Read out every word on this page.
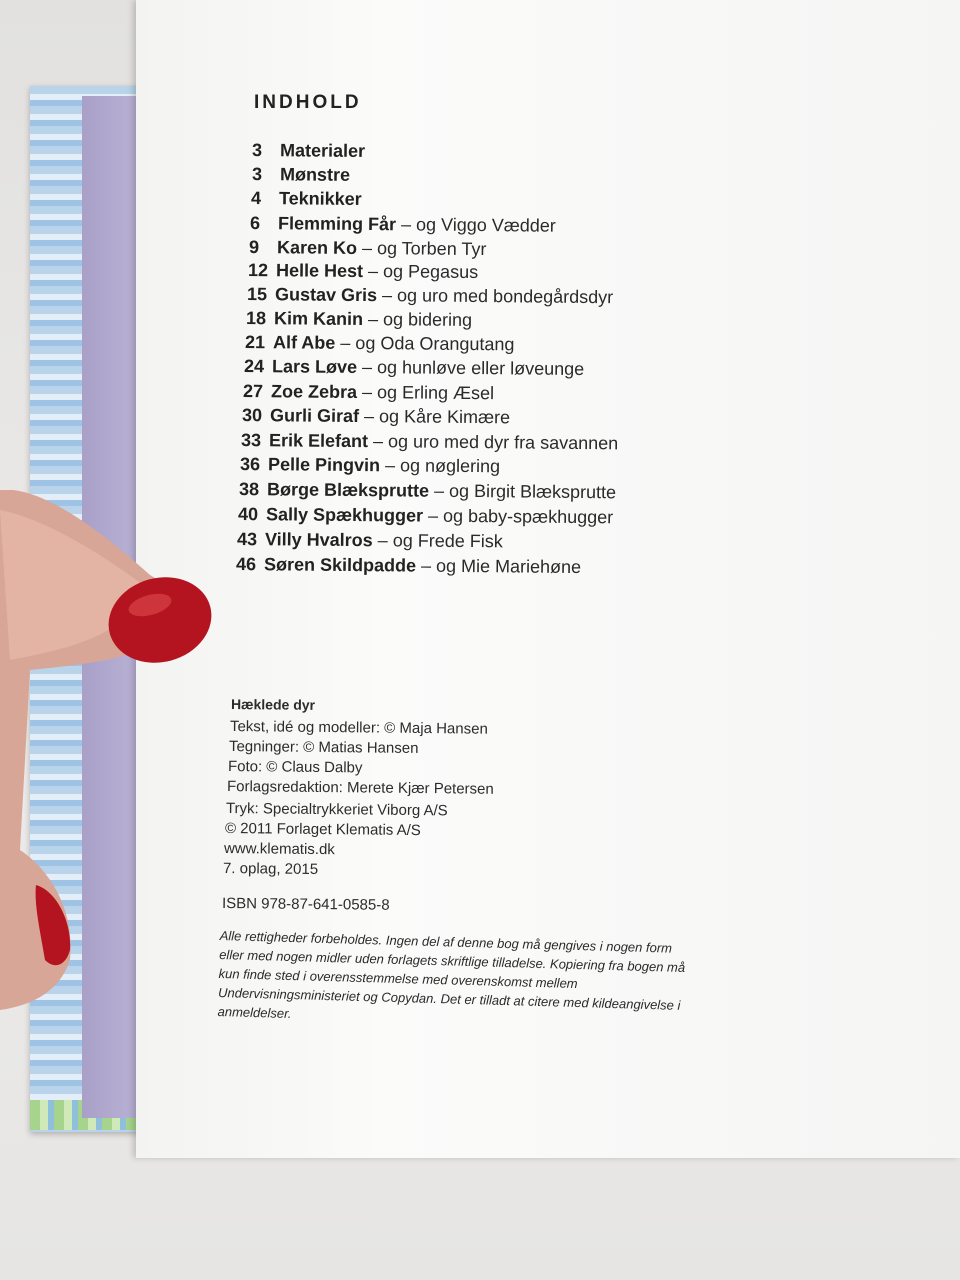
INDHOLD
3 Materialer
3 Mønstre
4 Teknikker
6 Flemming Får – og Viggo Vædder
9 Karen Ko – og Torben Tyr
12 Helle Hest – og Pegasus
15 Gustav Gris – og uro med bondegårdsdyr
18 Kim Kanin – og bidering
21 Alf Abe – og Oda Orangutang
24 Lars Løve – og hunløve eller løveunge
27 Zoe Zebra – og Erling Æsel
30 Gurli Giraf – og Kåre Kimære
33 Erik Elefant – og uro med dyr fra savannen
36 Pelle Pingvin – og nøglering
38 Børge Blæksprutte – og Birgit Blæksprutte
40 Sally Spækhugger – og baby-spækhugger
43 Villy Hvalros – og Frede Fisk
46 Søren Skildpadde – og Mie Mariehøne
Hæklede dyr
Tekst, idé og modeller: © Maja Hansen
Tegninger: © Matias Hansen
Foto: © Claus Dalby
Forlagsredaktion: Merete Kjær Petersen
Tryk: Specialtrykkeriet Viborg A/S
© 2011 Forlaget Klematis A/S
www.klematis.dk
7. oplag, 2015
ISBN 978-87-641-0585-8
Alle rettigheder forbeholdes. Ingen del af denne bog må gengives i nogen form eller med nogen midler uden forlagets skriftlige tilladelse. Kopiering fra bogen må kun finde sted i overensstemmelse med overenskomst mellem Undervisningsministeriet og Copydan. Det er tilladt at citere med kildeangivelse i anmeldelser.
